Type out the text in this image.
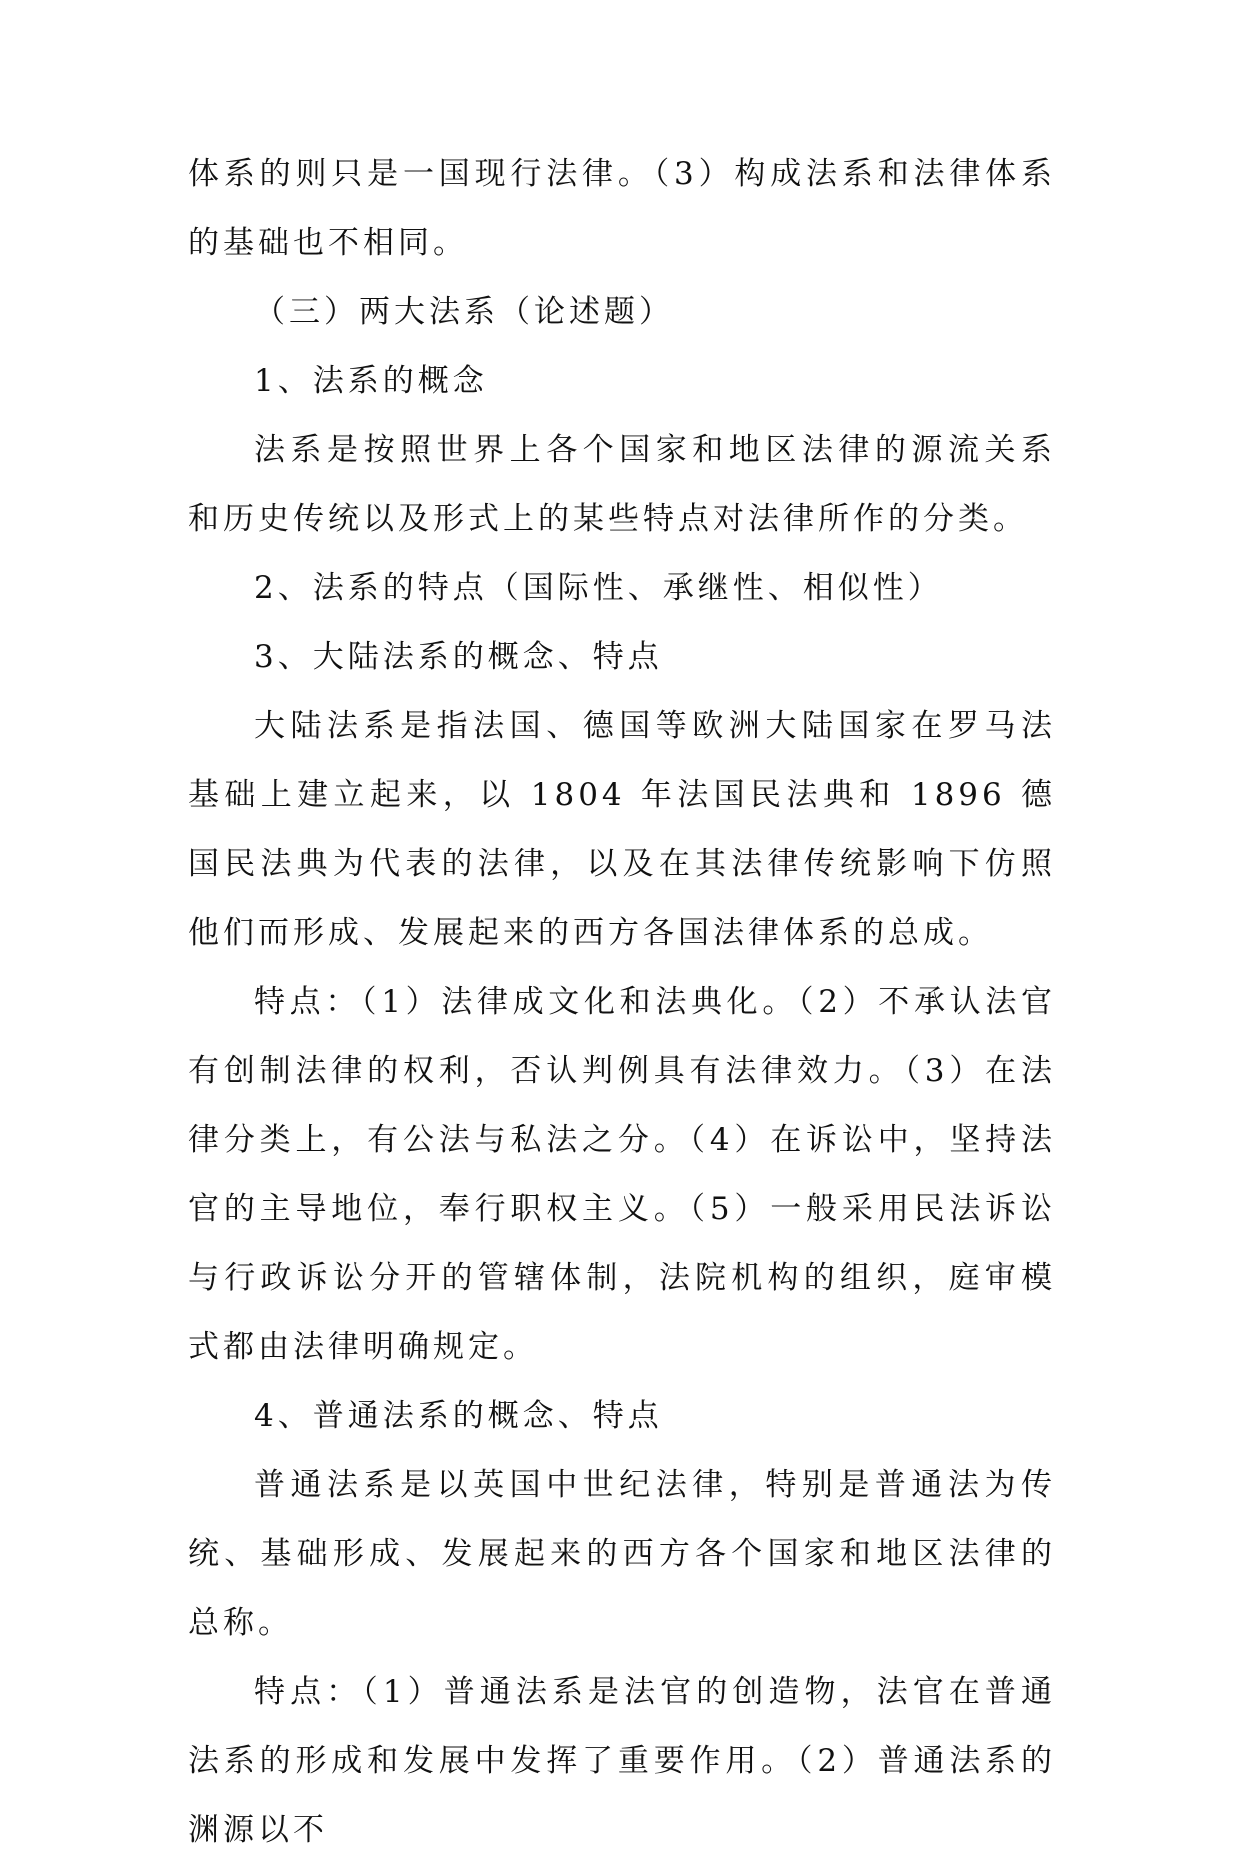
体系的则只是一国现行法律。（3）构成法系和法律体系的基础也不相同。

（三）两大法系（论述题）

1、法系的概念

法系是按照世界上各个国家和地区法律的源流关系和历史传统以及形式上的某些特点对法律所作的分类。

2、法系的特点（国际性、承继性、相似性）

3、大陆法系的概念、特点

大陆法系是指法国、德国等欧洲大陆国家在罗马法基础上建立起来，以 1804 年法国民法典和 1896 德国民法典为代表的法律，以及在其法律传统影响下仿照他们而形成、发展起来的西方各国法律体系的总成。

特点：（1）法律成文化和法典化。（2）不承认法官有创制法律的权利，否认判例具有法律效力。（3）在法律分类上，有公法与私法之分。（4）在诉讼中，坚持法官的主导地位，奉行职权主义。（5）一般采用民法诉讼与行政诉讼分开的管辖体制，法院机构的组织，庭审模式都由法律明确规定。

4、普通法系的概念、特点

普通法系是以英国中世纪法律，特别是普通法为传统、基础形成、发展起来的西方各个国家和地区法律的总称。

特点：（1）普通法系是法官的创造物，法官在普通法系的形成和发展中发挥了重要作用。（2）普通法系的渊源以不
